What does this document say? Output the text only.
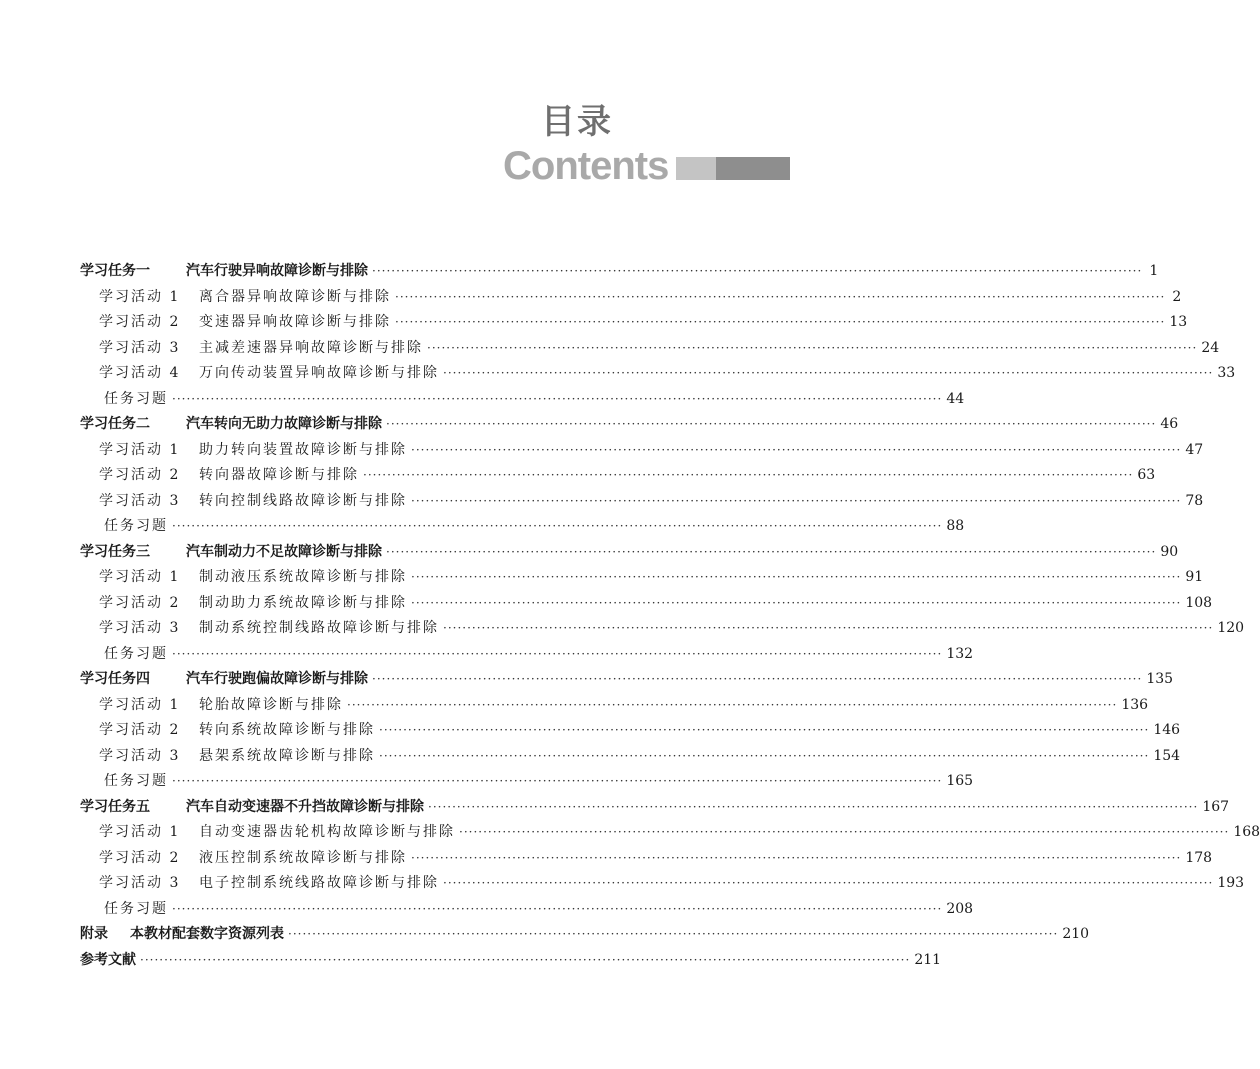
目录
Contents
学习任务一	汽车行驶异响故障诊断与排除 ································································································································································ 1
学习活动 1 离合器异响故障诊断与排除 ································································································································································ 2
学习活动 2 变速器异响故障诊断与排除 ································································································································································ 13
学习活动 3 主减差速器异响故障诊断与排除 ································································································································································ 24
学习活动 4 万向传动装置异响故障诊断与排除 ································································································································································ 33
任务习题 ································································································································································ 44
学习任务二	汽车转向无助力故障诊断与排除 ································································································································································ 46
学习活动 1 助力转向装置故障诊断与排除 ································································································································································ 47
学习活动 2 转向器故障诊断与排除 ································································································································································ 63
学习活动 3 转向控制线路故障诊断与排除 ································································································································································ 78
任务习题 ································································································································································ 88
学习任务三	汽车制动力不足故障诊断与排除 ································································································································································ 90
学习活动 1 制动液压系统故障诊断与排除 ································································································································································ 91
学习活动 2 制动助力系统故障诊断与排除 ································································································································································ 108
学习活动 3 制动系统控制线路故障诊断与排除 ································································································································································ 120
任务习题 ································································································································································ 132
学习任务四	汽车行驶跑偏故障诊断与排除 ································································································································································ 135
学习活动 1 轮胎故障诊断与排除 ································································································································································ 136
学习活动 2 转向系统故障诊断与排除 ································································································································································ 146
学习活动 3 悬架系统故障诊断与排除 ································································································································································ 154
任务习题 ································································································································································ 165
学习任务五	汽车自动变速器不升挡故障诊断与排除 ································································································································································ 167
学习活动 1 自动变速器齿轮机构故障诊断与排除 ································································································································································ 168
学习活动 2 液压控制系统故障诊断与排除 ································································································································································ 178
学习活动 3 电子控制系统线路故障诊断与排除 ································································································································································ 193
任务习题 ································································································································································ 208
附录 本教材配套数字资源列表 ································································································································································ 210
参考文献 ································································································································································ 211
